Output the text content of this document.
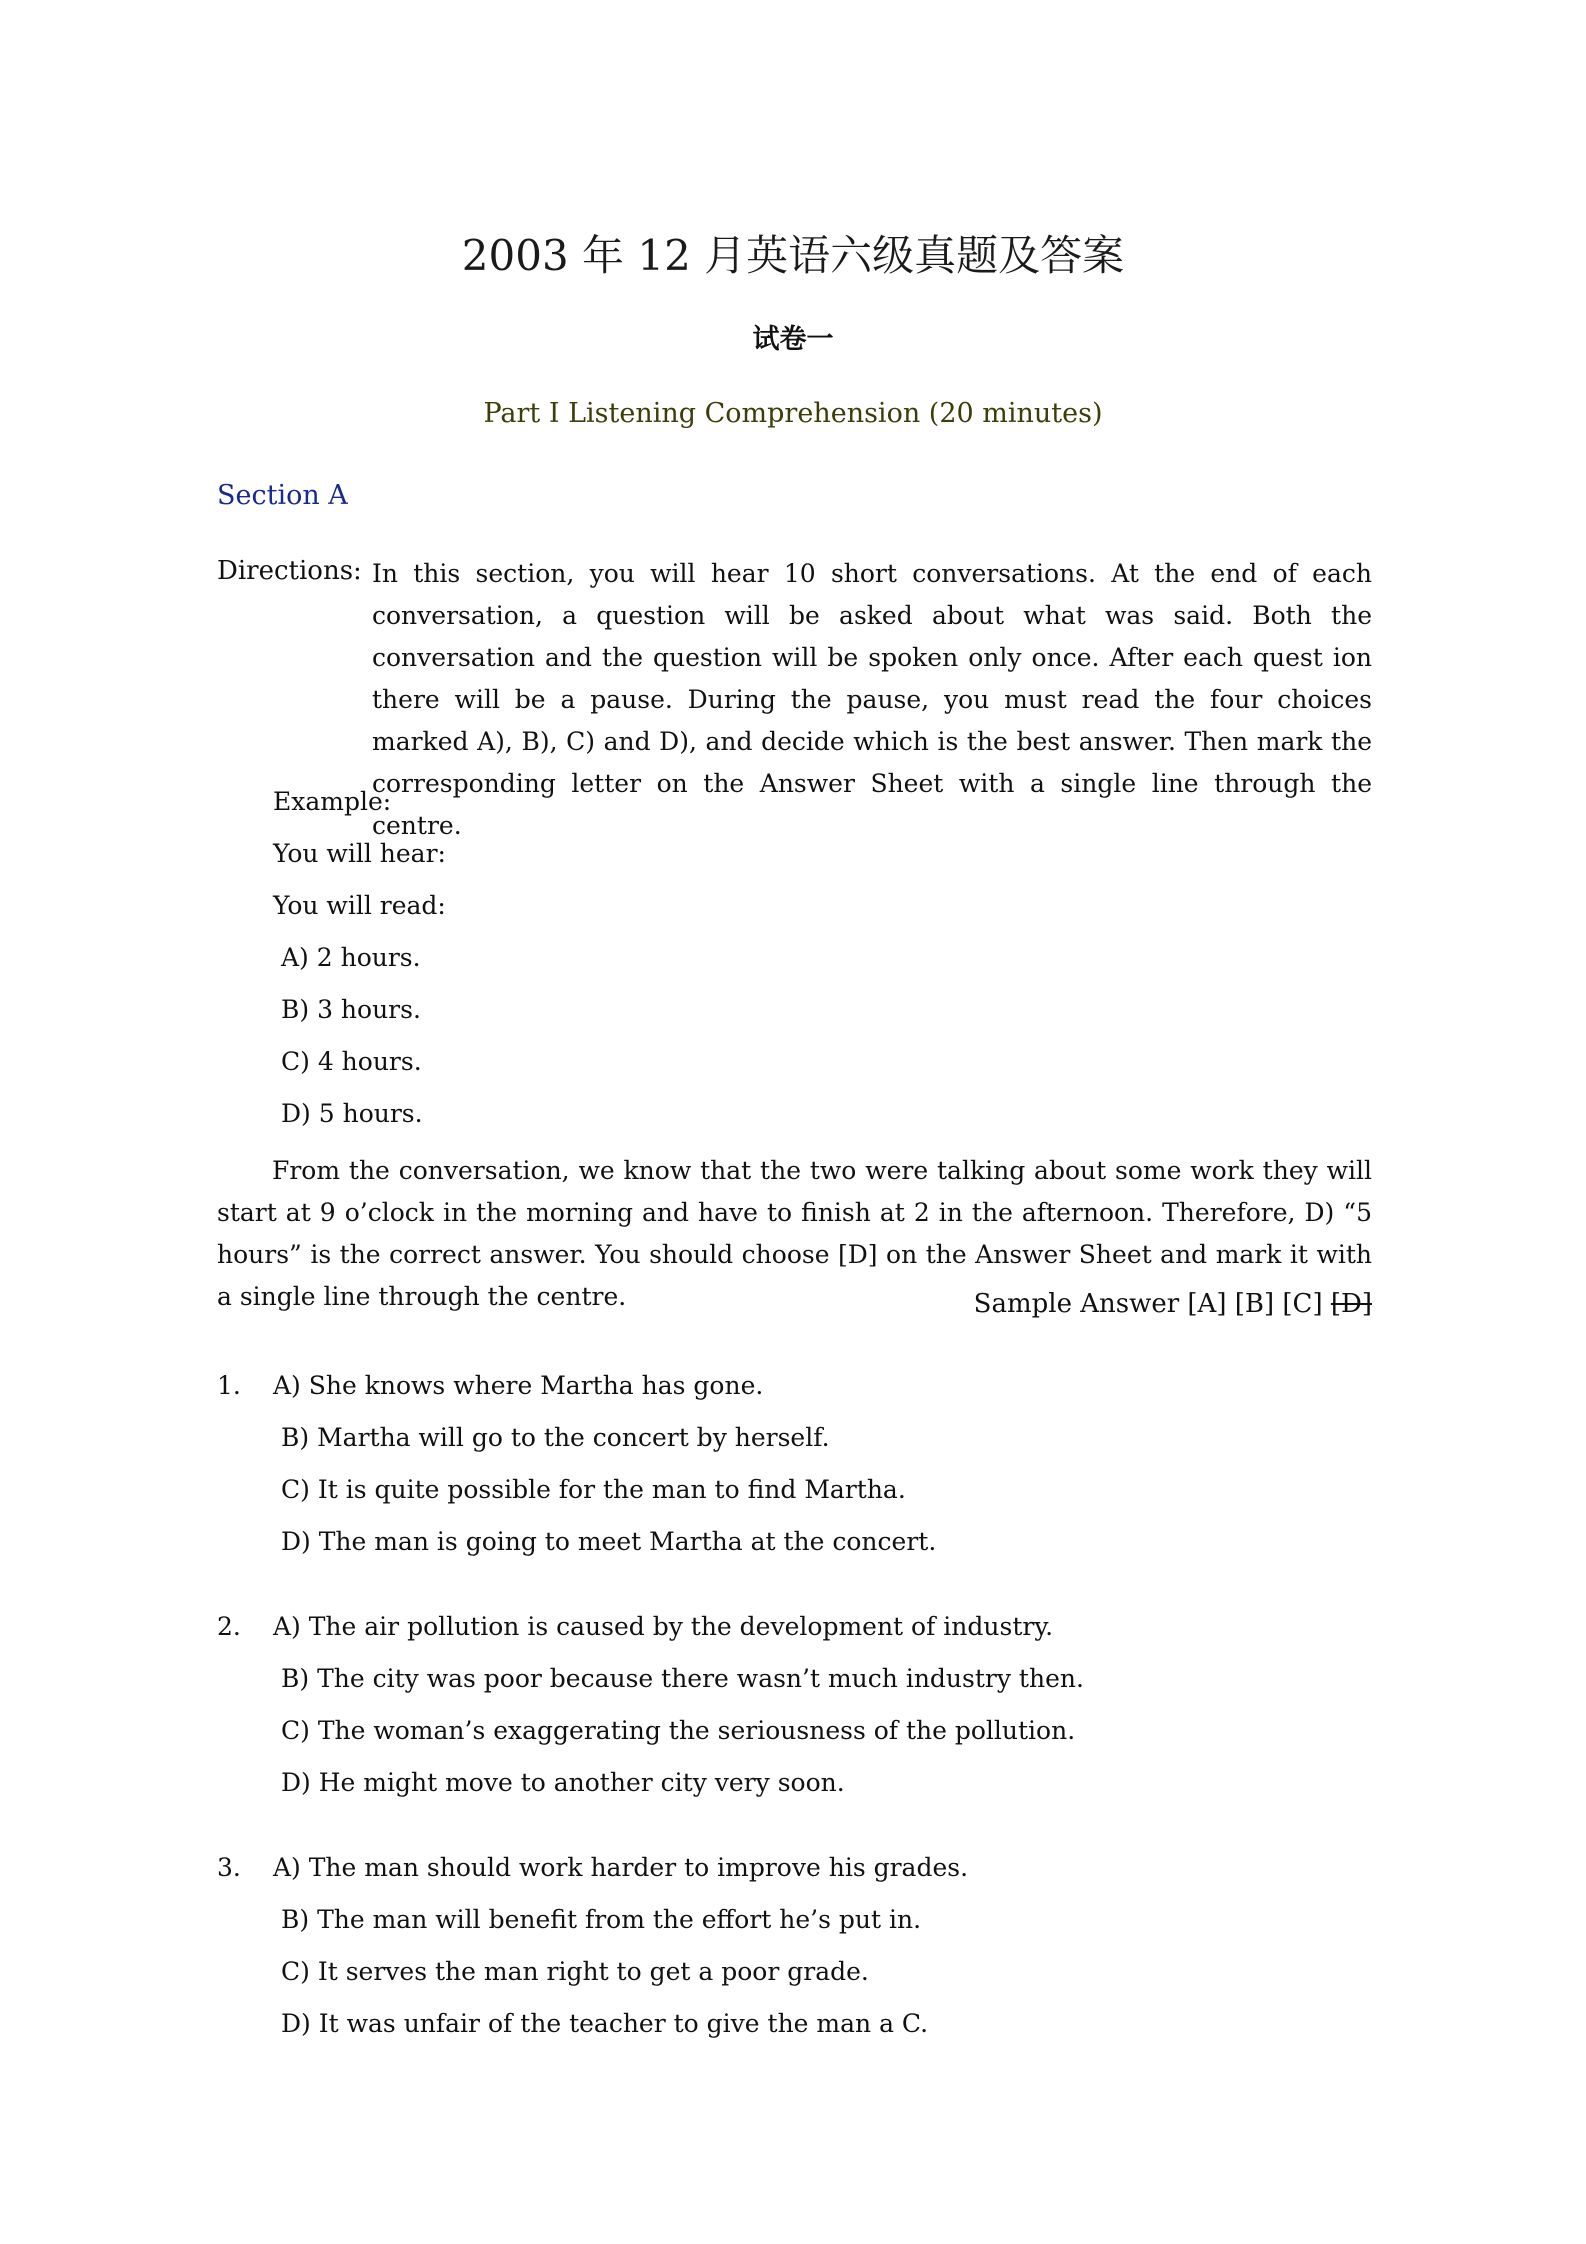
2003 年 12 月英语六级真题及答案
试卷一
Part I Listening Comprehension (20 minutes)
Section A
Directions: In this section, you will hear 10 short conversations. At the end of each conversation, a question will be asked about what was said. Both the conversation and the question will be spoken only once. After each quest ion there will be a pause. During the pause, you must read the four choices marked A), B), C) and D), and decide which is the best answer. Then mark the corresponding letter on the Answer Sheet with a single line through the centre.
Example:
You will hear:
You will read:
A) 2 hours.
B) 3 hours.
C) 4 hours.
D) 5 hours.
From the conversation, we know that the two were talking about some work they will start at 9 o’clock in the morning and have to finish at 2 in the afternoon. Therefore, D) “5 hours” is the correct answer. You should choose [D] on the Answer Sheet and mark it with a single line through the centre.	Sample Answer [A] [B] [C] [D]
1. A) She knows where Martha has gone.
B) Martha will go to the concert by herself.
C) It is quite possible for the man to find Martha.
D) The man is going to meet Martha at the concert.
2. A) The air pollution is caused by the development of industry.
B) The city was poor because there wasn’t much industry then.
C) The woman’s exaggerating the seriousness of the pollution.
D) He might move to another city very soon.
3. A) The man should work harder to improve his grades.
B) The man will benefit from the effort he’s put in.
C) It serves the man right to get a poor grade.
D) It was unfair of the teacher to give the man a C.
